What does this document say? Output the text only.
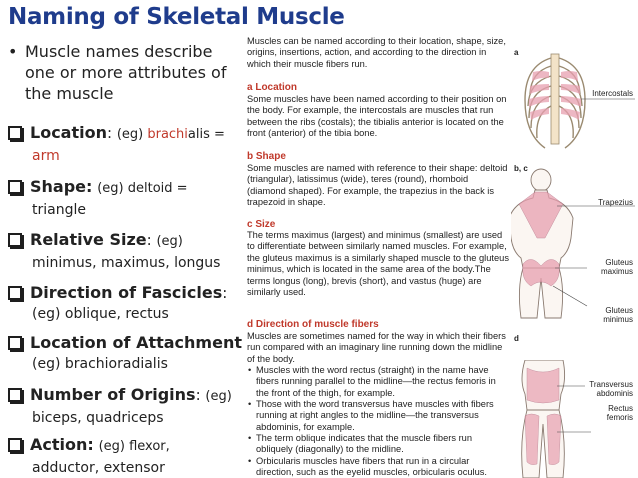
Naming of Skeletal Muscle
• Muscle names describe one or more attributes of the muscle
Location: (eg) brachialis =
arm
Shape: (eg) deltoid =
triangle
Relative Size: (eg)
minimus, maximus, longus
Direction of Fascicles:
(eg) oblique, rectus
Location of Attachment
(eg) brachioradialis
Number of Origins: (eg)
biceps, quadriceps
Action: (eg) flexor,
adductor, extensor
Muscles can be named according to their location, shape, size, origins, insertions, action, and according to the direction in which their muscle fibers run.
a Location
Some muscles have been named according to their position on the body. For example, the intercostals are muscles that run between the ribs (costals); the tibialis anterior is located on the front (anterior) of the tibia bone.
b Shape
Some muscles are named with reference to their shape: deltoid (triangular), latissimus (wide), teres (round), rhomboid (diamond shaped). For example, the trapezius in the back is trapezoid in shape.
c Size
The terms maximus (largest) and minimus (smallest) are used to differentiate between similarly named muscles. For example, the gluteus maximus is a similarly shaped muscle to the gluteus minimus, which is located in the same area of the body.The terms longus (long), brevis (short), and vastus (huge) are similarly used.
d Direction of muscle fibers
Muscles are sometimes named for the way in which their fibers run compared with an imaginary line running down the midline of the body.
• Muscles with the word rectus (straight) in the name have fibers running parallel to the midline—the rectus femoris in the front of the thigh, for example.
• Those with the word transversus have muscles with fibers running at right angles to the midline—the transversus abdominis, for example.
• The term oblique indicates that the muscle fibers run obliquely (diagonally) to the midline.
• Orbicularis muscles have fibers that run in a circular direction, such as the eyelid muscles, orbicularis oculus.
a
b, c
d
Intercostals
Trapezius
Gluteus maximus
Gluteus minimus
Transversus abdominis
Rectus femoris
